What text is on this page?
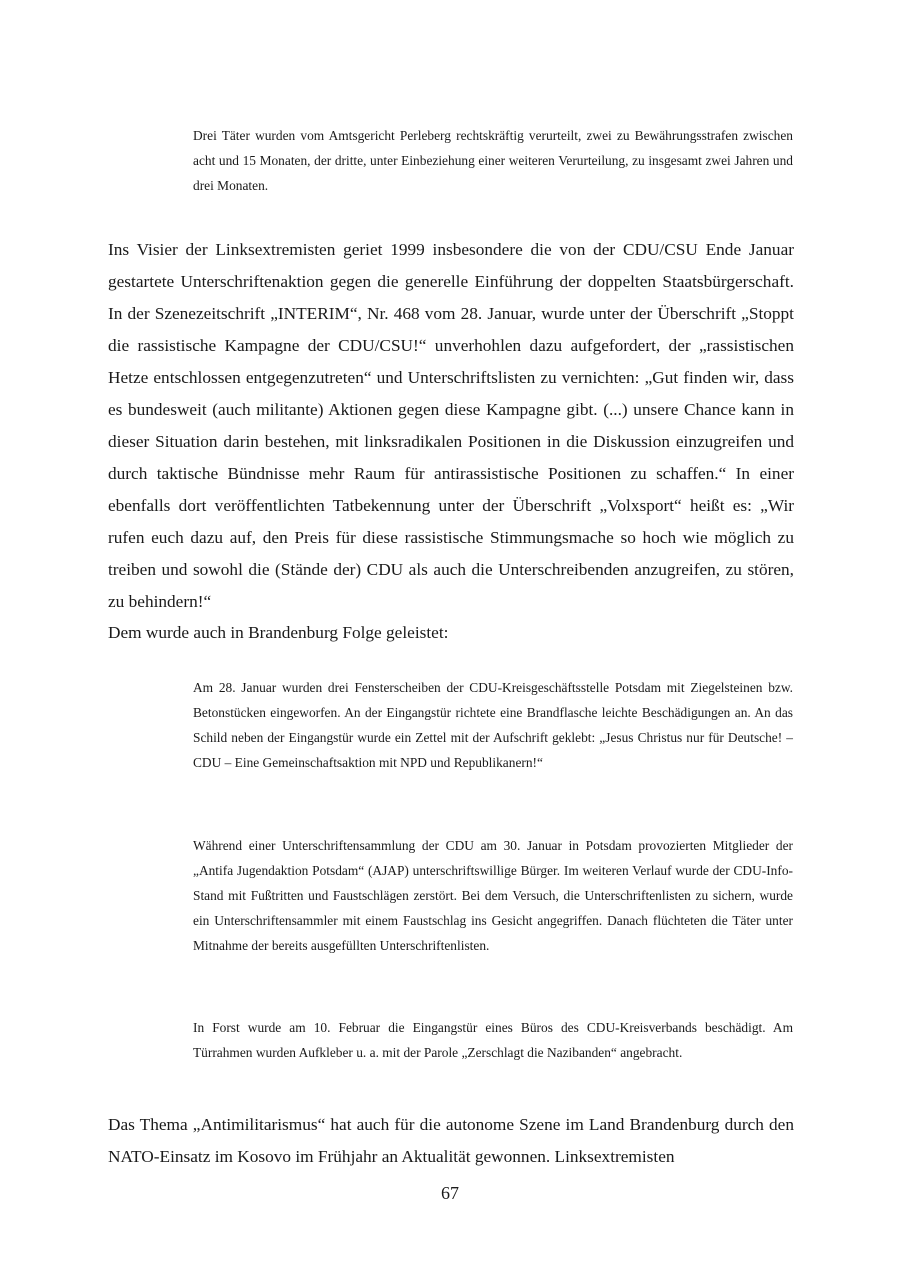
Drei Täter wurden vom Amtsgericht Perleberg rechtskräftig verurteilt, zwei zu Bewährungsstrafen zwischen acht und 15 Monaten, der dritte, unter Einbeziehung einer weiteren Verurteilung, zu insgesamt zwei Jahren und drei Monaten.

Ins Visier der Linksextremisten geriet 1999 insbesondere die von der CDU/CSU Ende Januar gestartete Unterschriftenaktion gegen die generelle Einführung der doppelten Staatsbürgerschaft. In der Szenezeitschrift „INTERIM“, Nr. 468 vom 28. Januar, wurde unter der Überschrift „Stoppt die rassistische Kampagne der CDU/CSU!“ unverhohlen dazu aufgefordert, der „rassistischen Hetze entschlossen entgegenzutreten“ und Unterschriftslisten zu vernichten: „Gut finden wir, dass es bundesweit (auch militante) Aktionen gegen diese Kampagne gibt. (...) unsere Chance kann in dieser Situation darin bestehen, mit linksradikalen Positionen in die Diskussion einzugreifen und durch taktische Bündnisse mehr Raum für antirassistische Positionen zu schaffen.“ In einer ebenfalls dort veröffentlichten Tatbekennung unter der Überschrift „Volxsport“ heißt es: „Wir rufen euch dazu auf, den Preis für diese rassistische Stimmungsmache so hoch wie möglich zu treiben und sowohl die (Stände der) CDU als auch die Unterschreibenden anzugreifen, zu stören, zu behindern!“

Dem wurde auch in Brandenburg Folge geleistet:

Am 28. Januar wurden drei Fensterscheiben der CDU-Kreisgeschäftsstelle Potsdam mit Ziegelsteinen bzw. Betonstücken eingeworfen. An der Eingangstür richtete eine Brandflasche leichte Beschädigungen an. An das Schild neben der Eingangstür wurde ein Zettel mit der Aufschrift geklebt: „Jesus Christus nur für Deutsche! – CDU – Eine Gemeinschaftsaktion mit NPD und Republikanern!“

Während einer Unterschriftensammlung der CDU am 30. Januar in Potsdam provozierten Mitglieder der „Antifa Jugendaktion Potsdam“ (AJAP) unterschriftswillige Bürger. Im weiteren Verlauf wurde der CDU-Info-Stand mit Fußtritten und Faustschlägen zerstört. Bei dem Versuch, die Unterschriftenlisten zu sichern, wurde ein Unterschriftensammler mit einem Faustschlag ins Gesicht angegriffen. Danach flüchteten die Täter unter Mitnahme der bereits ausgefüllten Unterschriftenlisten.

In Forst wurde am 10. Februar die Eingangstür eines Büros des CDU-Kreisverbands beschädigt. Am Türrahmen wurden Aufkleber u. a. mit der Parole „Zerschlagt die Nazibanden“ angebracht.

Das Thema „Antimilitarismus“ hat auch für die autonome Szene im Land Brandenburg durch den NATO-Einsatz im Kosovo im Frühjahr an Aktualität gewonnen. Linksextremisten

67
